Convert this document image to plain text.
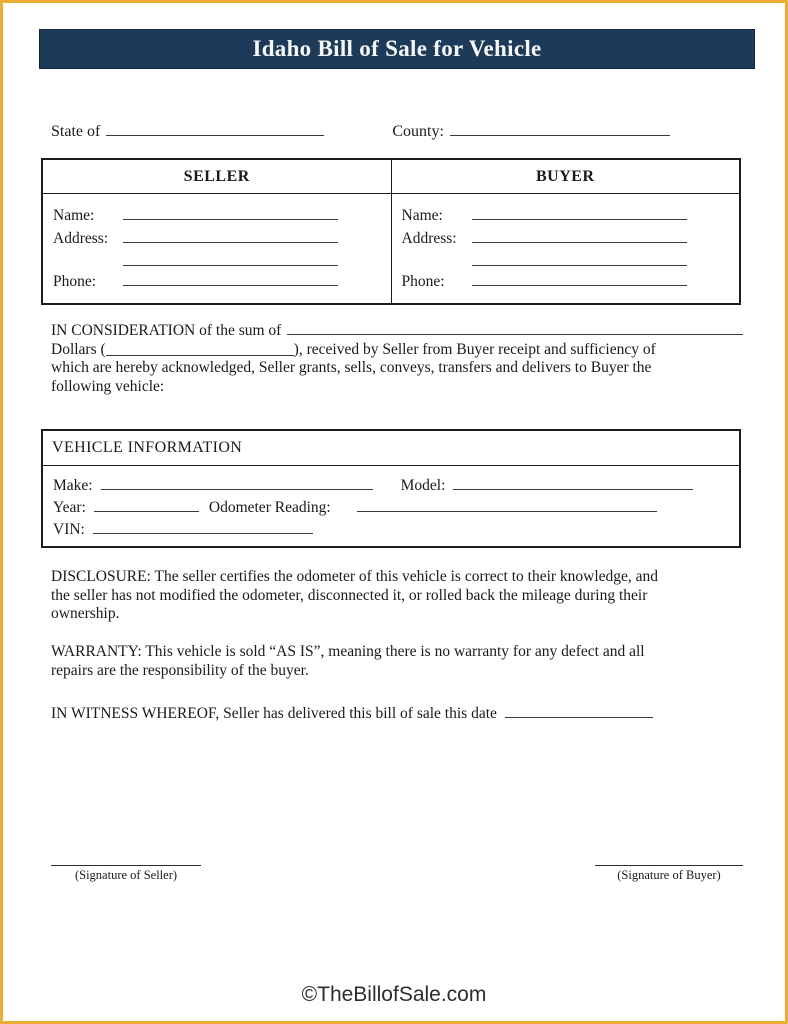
Idaho Bill of Sale for Vehicle
State of	County:
SELLER
Name:
Address:
Phone:
BUYER
Name:
Address:
Phone:
IN CONSIDERATION of the sum of
Dollars (	), received by Seller from Buyer receipt and sufficiency of
which are hereby acknowledged, Seller grants, sells, conveys, transfers and delivers to Buyer the
following vehicle:
VEHICLE INFORMATION
Make:	Model:
Year:	Odometer Reading:
VIN:
DISCLOSURE: The seller certifies the odometer of this vehicle is correct to their knowledge, and
the seller has not modified the odometer, disconnected it, or rolled back the mileage during their
ownership.
WARRANTY: This vehicle is sold “AS IS”, meaning there is no warranty for any defect and all
repairs are the responsibility of the buyer.
IN WITNESS WHEREOF, Seller has delivered this bill of sale this date
(Signature of Seller)	(Signature of Buyer)
©TheBillofSale.com
